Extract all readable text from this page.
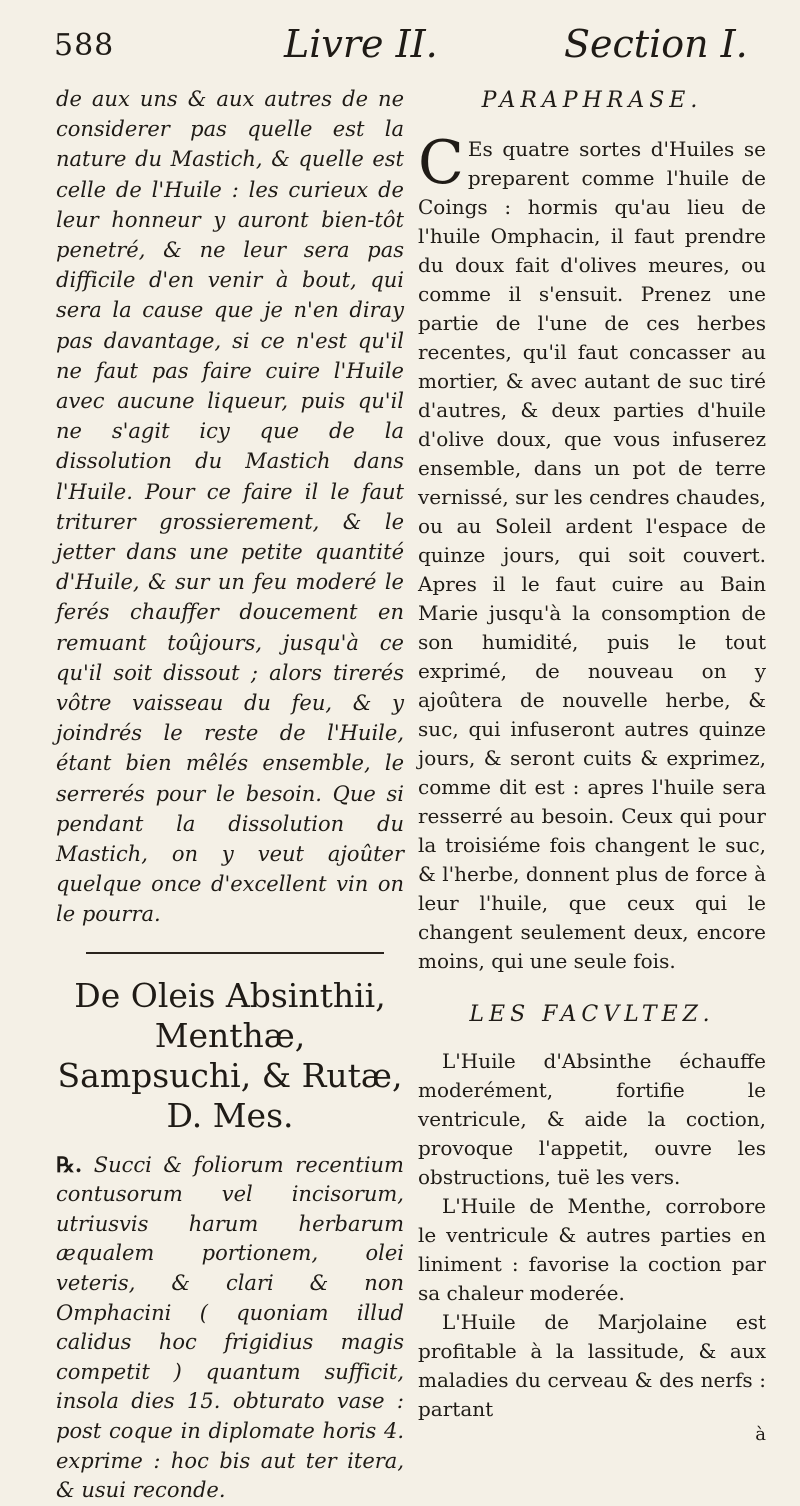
588	Livre II.	Section I.

de aux uns & aux autres de ne considerer pas quelle est la nature du Mastich, & quelle est celle de l'Huile : les curieux de leur honneur y auront bien-tôt penetré, & ne leur sera pas difficile d'en venir à bout, qui sera la cause que je n'en diray pas davantage, si ce n'est qu'il ne faut pas faire cuire l'Huile avec aucune liqueur, puis qu'il ne s'agit icy que de la dissolution du Mastich dans l'Huile. Pour ce faire il le faut triturer grossierement, & le jetter dans une petite quantité d'Huile, & sur un feu moderé le ferés chauffer doucement en remuant toûjours, jusqu'à ce qu'il soit dissout ; alors tirerés vôtre vaisseau du feu, & y joindrés le reste de l'Huile, étant bien mêlés ensemble, le serrerés pour le besoin. Que si pendant la dissolution du Mastich, on y veut ajoûter quelque once d'excellent vin on le pourra.

De Oleis Absinthii, Menthæ, Sampsuchi, & Rutæ, D. Mes.

℞. Succi & foliorum recentium contusorum vel incisorum, utriusvis harum herbarum æqualem portionem, olei veteris, & clari & non Omphacini ( quoniam illud calidus hoc frigidius magis competit ) quantum sufficit, insola dies 15. obturato vase : post coque in diplomate horis 4. exprime : hoc bis aut ter itera, & usui reconde.

PARAPHRASE.

C Es quatre sortes d'Huiles se preparent comme l'huile de Coings : hormis qu'au lieu de l'huile Omphacin, il faut prendre du doux fait d'olives meures, ou comme il s'ensuit. Prenez une partie de l'une de ces herbes recentes, qu'il faut concasser au mortier, & avec autant de suc tiré d'autres, & deux parties d'huile d'olive doux, que vous infuserez ensemble, dans un pot de terre vernissé, sur les cendres chaudes, ou au Soleil ardent l'espace de quinze jours, qui soit couvert. Apres il le faut cuire au Bain Marie jusqu'à la consomption de son humidité, puis le tout exprimé, de nouveau on y ajoûtera de nouvelle herbe, & suc, qui infuseront autres quinze jours, & seront cuits & exprimez, comme dit est : apres l'huile sera resserré au besoin. Ceux qui pour la troisiéme fois changent le suc, & l'herbe, donnent plus de force à leur l'huile, que ceux qui le changent seulement deux, encore moins, qui une seule fois.

LES FACVLTEZ.

L'Huile d'Absinthe échauffe moderément, fortifie le ventricule, & aide la coction, provoque l'appetit, ouvre les obstructions, tuë les vers.

L'Huile de Menthe, corrobore le ventricule & autres parties en liniment : favorise la coction par sa chaleur moderée.

L'Huile de Marjolaine est profitable à la lassitude, & aux maladies du cerveau & des nerfs : partant

à
